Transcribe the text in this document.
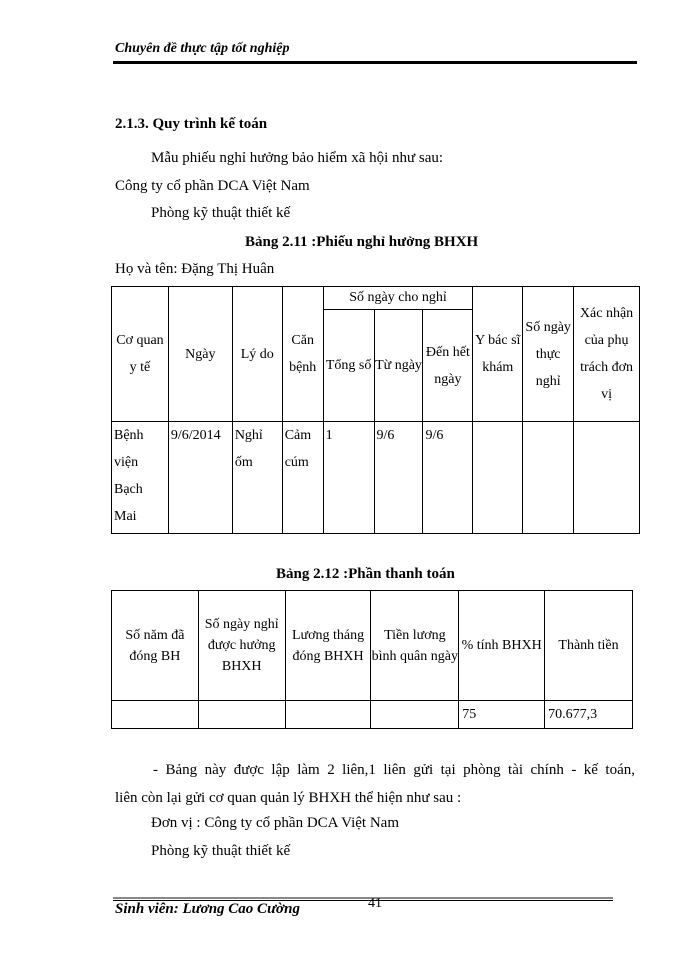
Chuyên đề thực tập tốt nghiệp
2.1.3. Quy trình kế toán
Mẫu phiếu nghỉ hưởng bảo hiểm xã hội như sau:
Công ty cổ phần DCA Việt Nam
Phòng kỹ thuật thiết kế
Bảng 2.11 :Phiếu nghỉ hưởng BHXH
Họ và tên: Đặng Thị Huân
Cơ quan y tế	Ngày	Lý do	Căn bệnh	Số ngày cho nghỉ			Y bác sĩ khám	Số ngày thực nghỉ	Xác nhận của phụ trách đơn vị
				Tổng số	Từ ngày	Đến hết ngày			
Bệnh viện Bạch Mai	9/6/2014	Nghỉ ốm	Cảm cúm	1	9/6	9/6			
Bảng 2.12 :Phần thanh toán
Số năm đã đóng BH	Số ngày nghỉ được hưởng BHXH	Lương tháng đóng BHXH	Tiền lương bình quân ngày	% tính BHXH	Thành tiền
				75	70.677,3
- Bảng này được lập làm 2 liên,1 liên gửi tại phòng tài chính - kế toán,
liên còn lại gửi cơ quan quản lý BHXH thể hiện như sau :
Đơn vị : Công ty cổ phần DCA Việt Nam
Phòng kỹ thuật thiết kế
Sinh viên: Lương Cao Cường	41
